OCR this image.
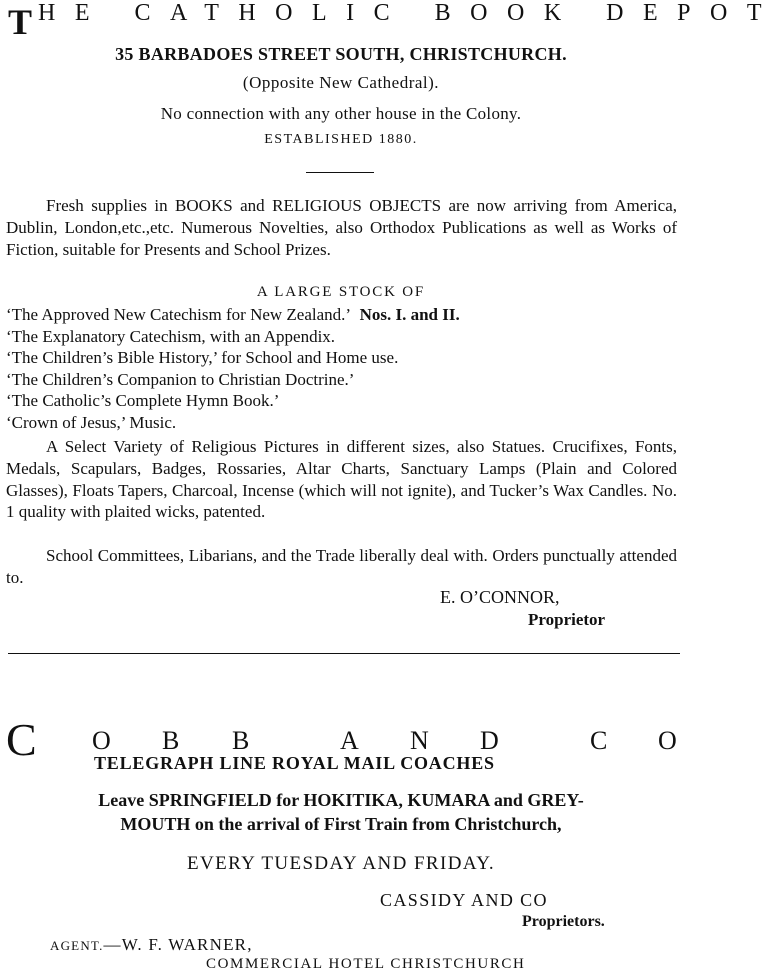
T HE CATHOLIC BOOK DEPOT
35 BARBADOES STREET SOUTH, CHRISTCHURCH.
(Opposite New Cathedral).
No connection with any other house in the Colony.
ESTABLISHED 1880.

Fresh supplies in BOOKS and RELIGIOUS OBJECTS are now arriving from America, Dublin, London,etc.,etc. Numerous Novelties, also Orthodox Publications as well as Works of Fiction, suitable for Presents and School Prizes.

A LARGE STOCK OF
‘The Approved New Catechism for New Zealand.’ Nos. I. and II.
‘The Explanatory Catechism, with an Appendix.
‘The Children’s Bible History,’ for School and Home use.
‘The Children’s Companion to Christian Doctrine.’
‘The Catholic’s Complete Hymn Book.’
‘Crown of Jesus,’ Music.

A Select Variety of Religious Pictures in different sizes, also Statues. Crucifixes, Fonts, Medals, Scapulars, Badges, Rossaries, Altar Charts, Sanctuary Lamps (Plain and Colored Glasses), Floats Tapers, Charcoal, Incense (which will not ignite), and Tucker’s Wax Candles. No. 1 quality with plaited wicks, patented.

School Committees, Libarians, and the Trade liberally deal with. Orders punctually attended to.

E. O’CONNOR,
Proprietor
C O B B	A N D	C O
TELEGRAPH LINE ROYAL MAIL COACHES
Leave SPRINGFIELD for HOKITIKA, KUMARA and GREY-
MOUTH on the arrival of First Train from Christchurch,
EVERY TUESDAY AND FRIDAY.
CASSIDY AND CO
Proprietors.
AGENT.—W. F. WARNER,
COMMERCIAL HOTEL CHRISTCHURCH
